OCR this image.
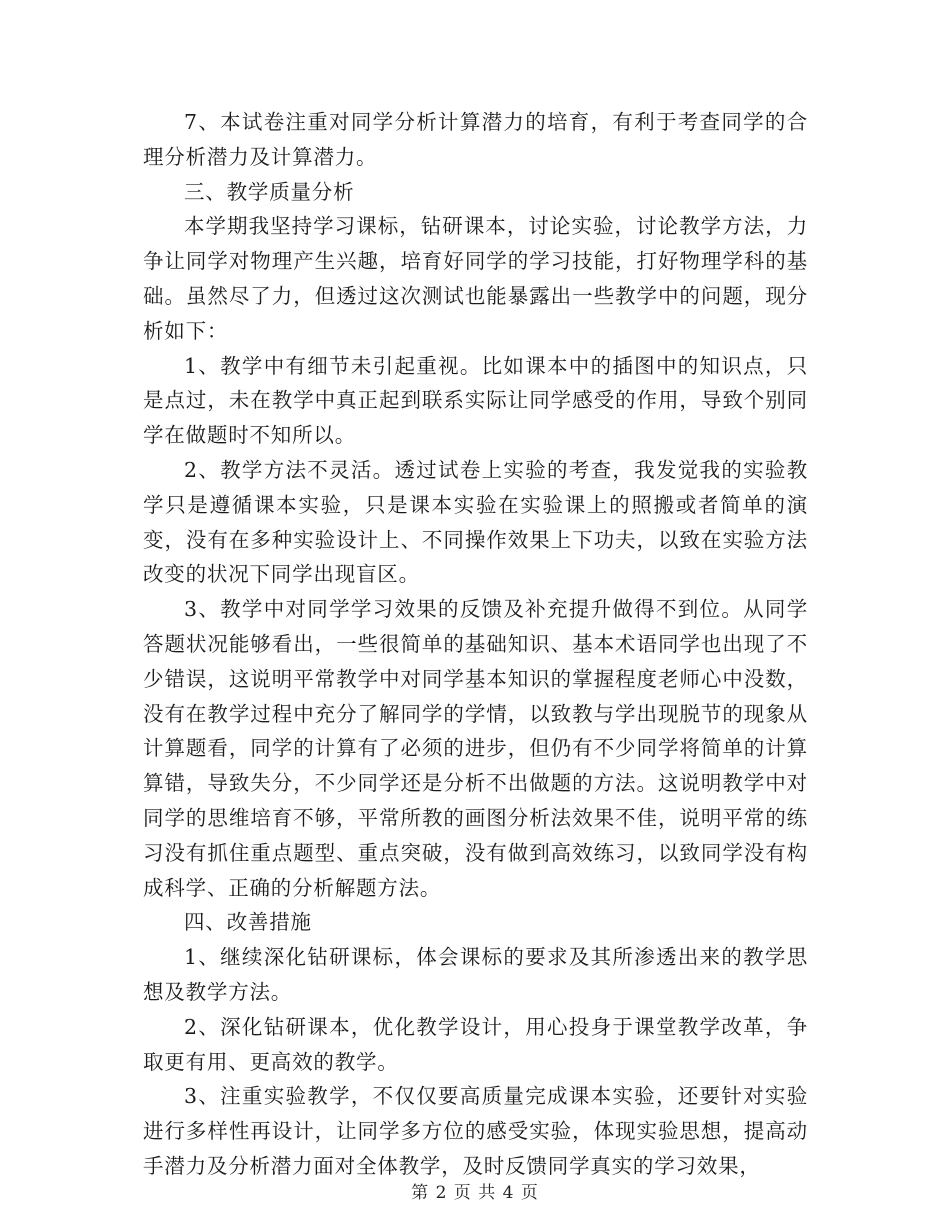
7、本试卷注重对同学分析计算潜力的培育，有利于考查同学的合理分析潜力及计算潜力。

三、教学质量分析

本学期我坚持学习课标，钻研课本，讨论实验，讨论教学方法，力争让同学对物理产生兴趣，培育好同学的学习技能，打好物理学科的基础。虽然尽了力，但透过这次测试也能暴露出一些教学中的问题，现分析如下：

1、教学中有细节未引起重视。比如课本中的插图中的知识点，只是点过，未在教学中真正起到联系实际让同学感受的作用，导致个别同学在做题时不知所以。

2、教学方法不灵活。透过试卷上实验的考查，我发觉我的实验教学只是遵循课本实验，只是课本实验在实验课上的照搬或者简单的演变，没有在多种实验设计上、不同操作效果上下功夫，以致在实验方法改变的状况下同学出现盲区。

3、教学中对同学学习效果的反馈及补充提升做得不到位。从同学答题状况能够看出，一些很简单的基础知识、基本术语同学也出现了不少错误，这说明平常教学中对同学基本知识的掌握程度老师心中没数，没有在教学过程中充分了解同学的学情，以致教与学出现脱节的现象从计算题看，同学的计算有了必须的进步，但仍有不少同学将简单的计算算错，导致失分，不少同学还是分析不出做题的方法。这说明教学中对同学的思维培育不够，平常所教的画图分析法效果不佳，说明平常的练习没有抓住重点题型、重点突破，没有做到高效练习，以致同学没有构成科学、正确的分析解题方法。

四、改善措施

1、继续深化钻研课标，体会课标的要求及其所渗透出来的教学思想及教学方法。

2、深化钻研课本，优化教学设计，用心投身于课堂教学改革，争取更有用、更高效的教学。

3、注重实验教学，不仅仅要高质量完成课本实验，还要针对实验进行多样性再设计，让同学多方位的感受实验，体现实验思想，提高动手潜力及分析潜力面对全体教学，及时反馈同学真实的学习效果，

第 2 页 共 4 页
